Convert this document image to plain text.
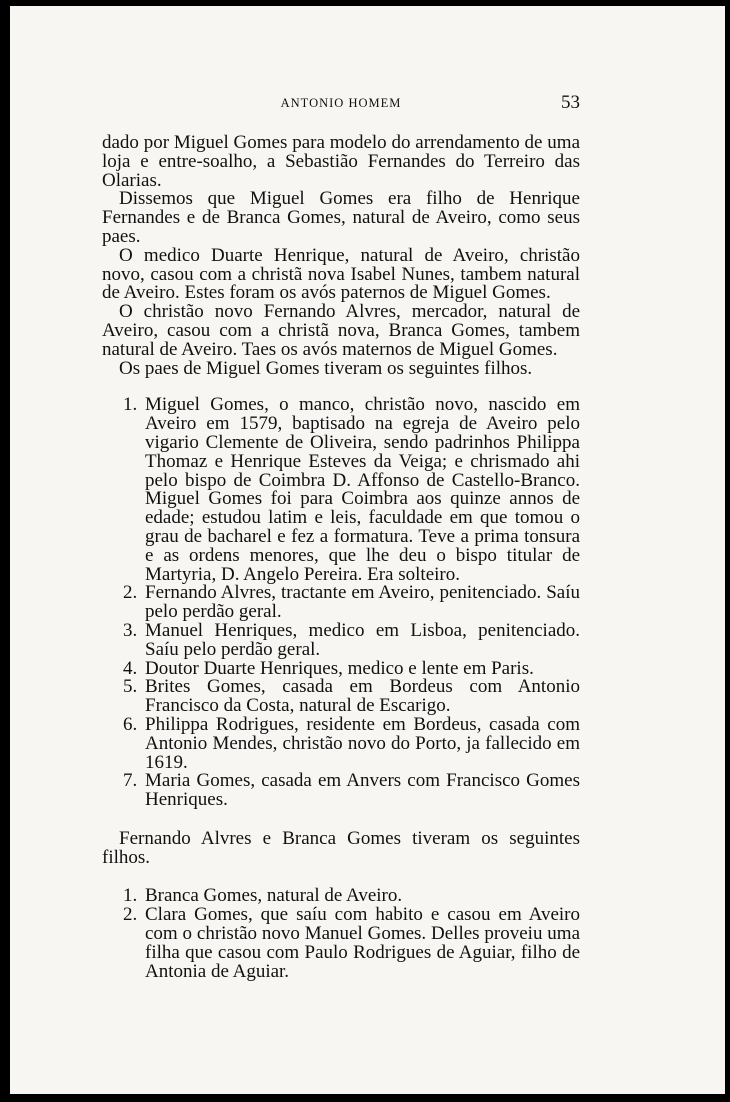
ANTONIO HOMEM	53

dado por Miguel Gomes para modelo do arrendamento de uma loja e entre-soalho, a Sebastião Fernandes do Terreiro das Olarias.

Dissemos que Miguel Gomes era filho de Henrique Fernandes e de Branca Gomes, natural de Aveiro, como seus paes.

O medico Duarte Henrique, natural de Aveiro, christão novo, casou com a christã nova Isabel Nunes, tambem natural de Aveiro. Estes foram os avós paternos de Miguel Gomes.

O christão novo Fernando Alvres, mercador, natural de Aveiro, casou com a christã nova, Branca Gomes, tambem natural de Aveiro. Taes os avós maternos de Miguel Gomes.

Os paes de Miguel Gomes tiveram os seguintes filhos.

1. Miguel Gomes, o manco, christão novo, nascido em Aveiro em 1579, baptisado na egreja de Aveiro pelo vigario Clemente de Oliveira, sendo padrinhos Philippa Thomaz e Henrique Esteves da Veiga; e chrismado ahi pelo bispo de Coimbra D. Affonso de Castello-Branco. Miguel Gomes foi para Coimbra aos quinze annos de edade; estudou latim e leis, faculdade em que tomou o grau de bacharel e fez a formatura. Teve a prima tonsura e as ordens menores, que lhe deu o bispo titular de Martyria, D. Angelo Pereira. Era solteiro.
2. Fernando Alvres, tractante em Aveiro, penitenciado. Saíu pelo perdão geral.
3. Manuel Henriques, medico em Lisboa, penitenciado. Saíu pelo perdão geral.
4. Doutor Duarte Henriques, medico e lente em Paris.
5. Brites Gomes, casada em Bordeus com Antonio Francisco da Costa, natural de Escarigo.
6. Philippa Rodrigues, residente em Bordeus, casada com Antonio Mendes, christão novo do Porto, ja fallecido em 1619.
7. Maria Gomes, casada em Anvers com Francisco Gomes Henriques.

Fernando Alvres e Branca Gomes tiveram os seguintes filhos.

1. Branca Gomes, natural de Aveiro.
2. Clara Gomes, que saíu com habito e casou em Aveiro com o christão novo Manuel Gomes. Delles proveiu uma filha que casou com Paulo Rodrigues de Aguiar, filho de Antonia de Aguiar.
